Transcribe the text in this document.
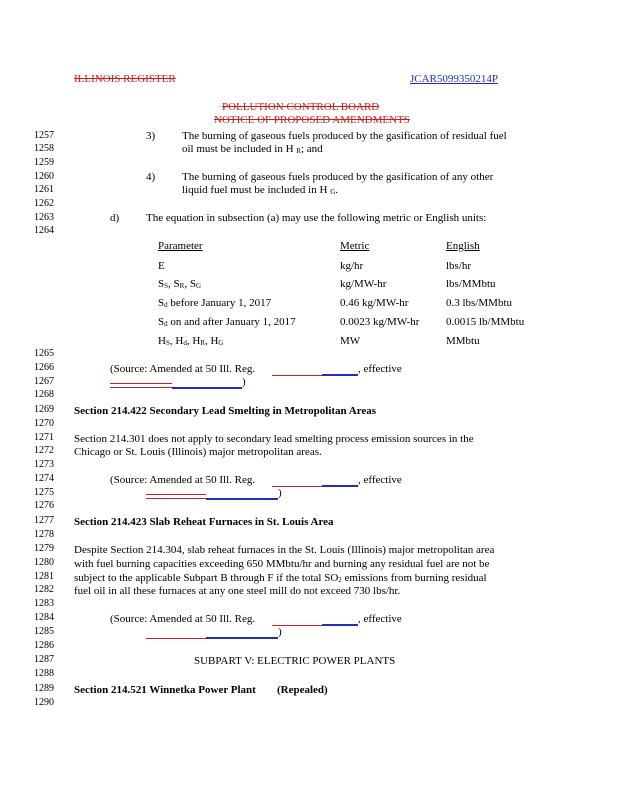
ILLINOIS REGISTER	JCAR5099350214P
POLLUTION CONTROL BOARD
NOTICE OF PROPOSED AMENDMENTS
1257
1258
1259
1260
1261
1262
1263
1264
1265
1266
1267
1268
1269
1270
1271
1272
1273
1274
1275
1276
1277
1278
1279
1280
1281
1282
1283
1284
1285
1286
1287
1288
1289
1290
3) The burning of gaseous fuels produced by the gasification of residual fuel
oil must be included in H $_R$; and
4) The burning of gaseous fuels produced by the gasification of any other
liquid fuel must be included in H $_G$.
d) The equation in subsection (a) may use the following metric or English units:
Parameter	Metric	English
E	kg/hr	lbs/hr
$S_S$, $S_R$, $S_G$	kg/MW-hr	lbs/MMbtu
$S_d$ before January 1, 2017	0.46 kg/MW-hr	0.3 lbs/MMbtu
$S_d$ on and after January 1, 2017	0.0023 kg/MW-hr 0.0015 lb/MMbtu
$H_S$, $H_d$, $H_R$, $H_G$	MW	MMbtu
(Source: Amended at 50 Ill. Reg.	, effective
)
Section 214.422 Secondary Lead Smelting in Metropolitan Areas
Section 214.301 does not apply to secondary lead smelting process emission sources in the
Chicago or St. Louis (Illinois) major metropolitan areas.
(Source: Amended at 50 Ill. Reg.	, effective
)
Section 214.423 Slab Reheat Furnaces in St. Louis Area
Despite Section 214.304, slab reheat furnaces in the St. Louis (Illinois) major metropolitan area
with fuel burning capacities exceeding 650 MMbtu/hr and burning any residual fuel are not be
subject to the applicable Subpart B through F if the total $SO_2$ emissions from burning residual
fuel oil in all these furnaces at any one steel mill do not exceed 730 lbs/hr.
(Source: Amended at 50 Ill. Reg.	, effective
)
SUBPART V: ELECTRIC POWER PLANTS
Section 214.521 Winnetka Power Plant (Repealed)
